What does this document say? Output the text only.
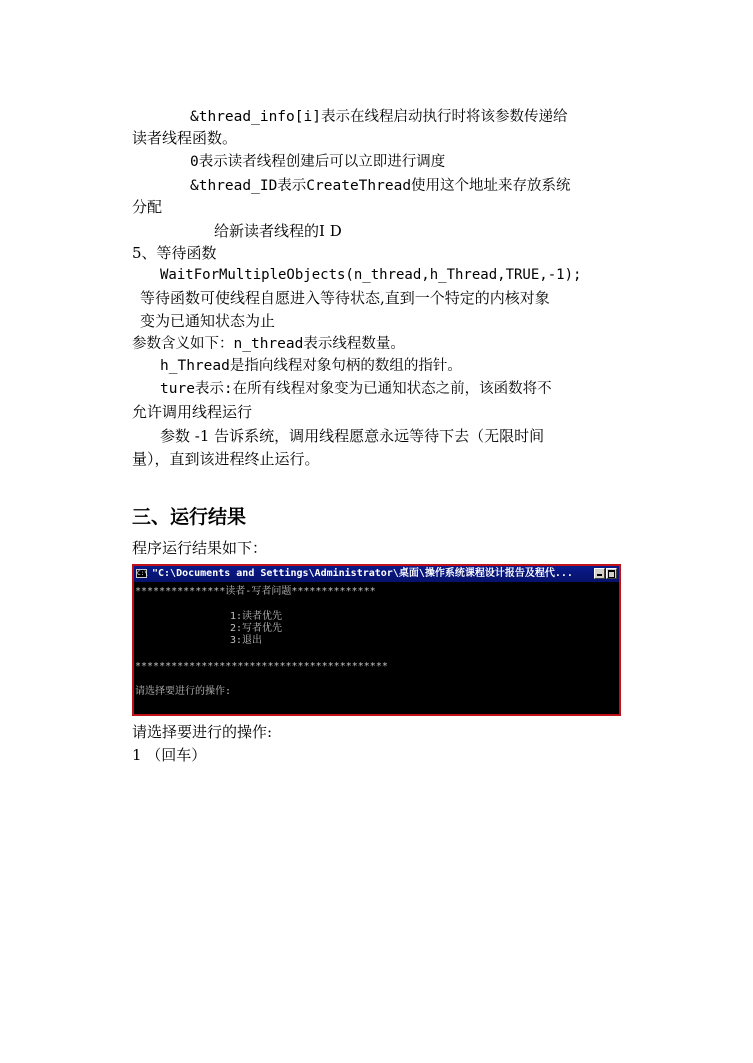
&thread_info[i]表示在线程启动执行时将该参数传递给
读者线程函数。
0表示读者线程创建后可以立即进行调度
&thread_ID表示CreateThread使用这个地址来存放系统
分配
给新读者线程的I D
5、等待函数
WaitForMultipleObjects(n_thread,h_Thread,TRUE,-1);
等待函数可使线程自愿进入等待状态,直到一个特定的内核对象
变为已通知状态为止
参数含义如下：n_thread表示线程数量。
h_Thread是指向线程对象句柄的数组的指针。
ture表示:在所有线程对象变为已通知状态之前，该函数将不
允许调用线程运行
参数 -1 告诉系统，调用线程愿意永远等待下去（无限时间
量），直到该进程终止运行。
三、运行结果
程序运行结果如下：
C:\ "C:\Documents and Settings\Administrator\桌面\操作系统课程设计报告及程代...
***************读者-写者问题**************
1:读者优先
2:写者优先
3:退出
******************************************
请选择要进行的操作:
请选择要进行的操作:
1 （回车）
